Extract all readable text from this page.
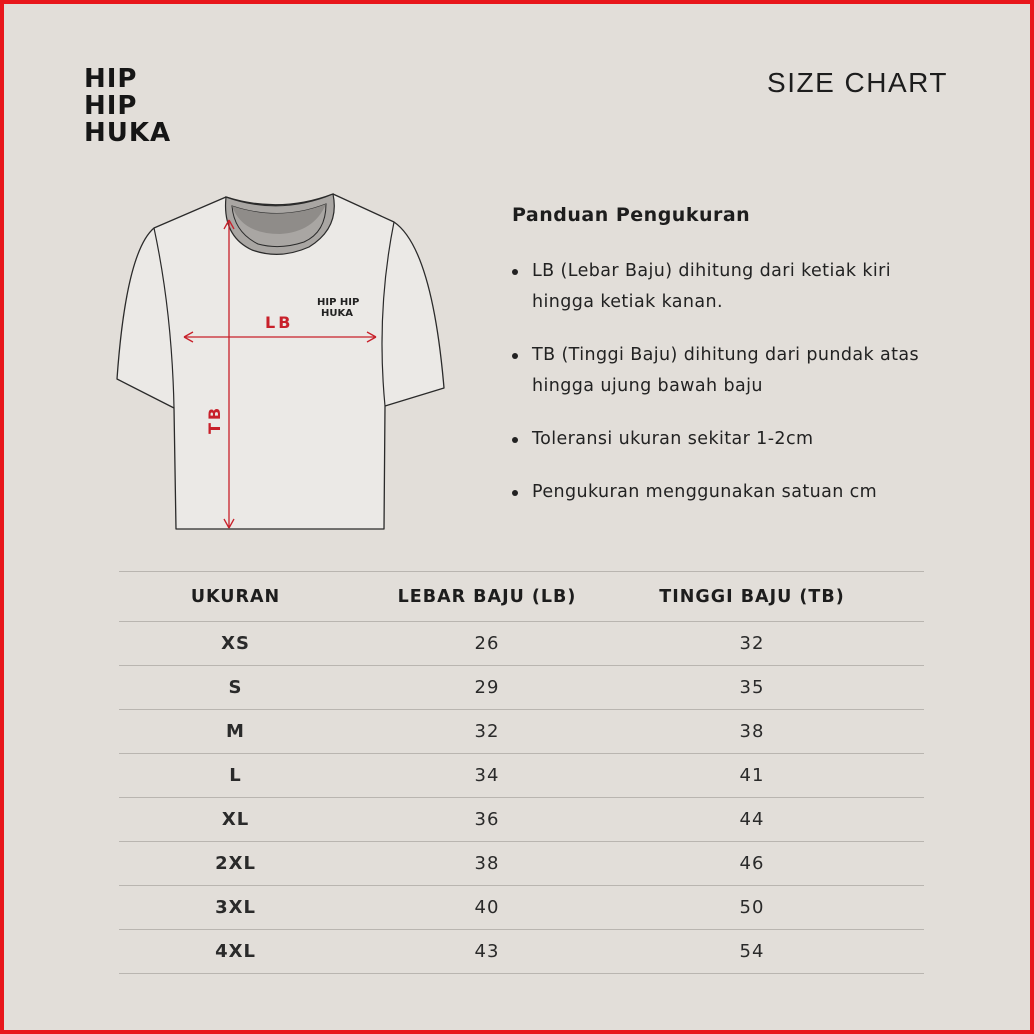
HIP HIP
HUKA
SIZE CHART
HIP HIP
HUKA
LB
TB
Panduan Pengukuran
LB (Lebar Baju) dihitung dari ketiak kiri hingga ketiak kanan.
TB (Tinggi Baju) dihitung dari pundak atas hingga ujung bawah baju
Toleransi ukuran sekitar 1-2cm
Pengukuran menggunakan satuan cm
UKURAN	LEBAR BAJU (LB)	TINGGI BAJU (TB)	
XS	26	32	
S	29	35	
M	32	38	
L	34	41	
XL	36	44	
2XL	38	46	
3XL	40	50	
4XL	43	54	
